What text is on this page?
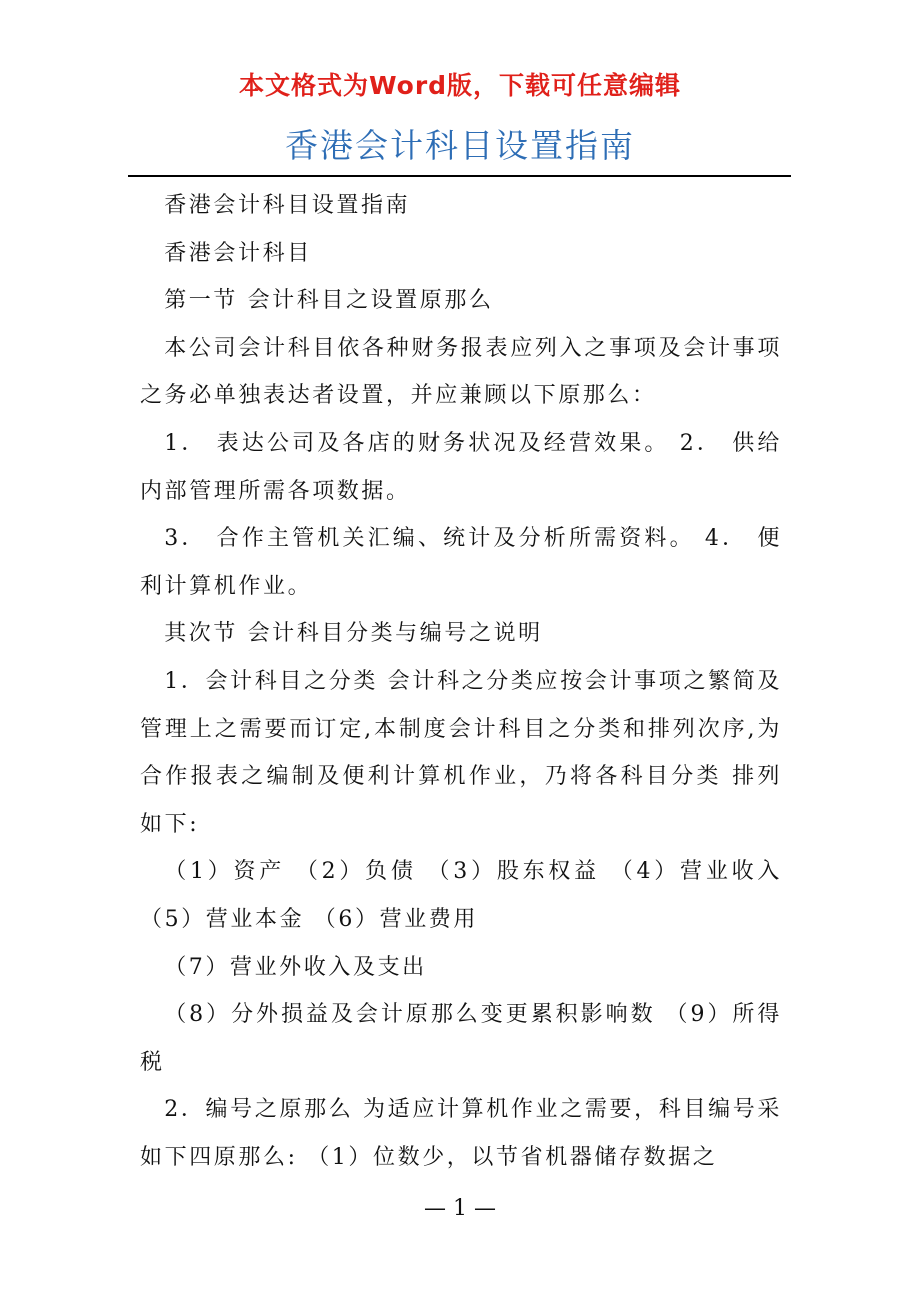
本文格式为Word版，下载可任意编辑
香港会计科目设置指南

香港会计科目设置指南

香港会计科目

第一节 会计科目之设置原那么

本公司会计科目依各种财务报表应列入之事项及会计事项之务必单独表达者设置，并应兼顾以下原那么：

1． 表达公司及各店的财务状况及经营效果。 2． 供给内部管理所需各项数据。

3． 合作主管机关汇编、统计及分析所需资料。 4． 便利计算机作业。

其次节 会计科目分类与编号之说明

1．会计科目之分类 会计科之分类应按会计事项之繁简及管理上之需要而订定,本制度会计科目之分类和排列次序,为合作报表之编制及便利计算机作业，乃将各科目分类 排列如下:

（1）资产 （2）负债 （3）股东权益 （4）营业收入 （5）营业本金 （6）营业费用

（7）营业外收入及支出

（8）分外损益及会计原那么变更累积影响数 （9）所得税

2．编号之原那么 为适应计算机作业之需要，科目编号采如下四原那么: （1）位数少，以节省机器储存数据之

— 1 —
